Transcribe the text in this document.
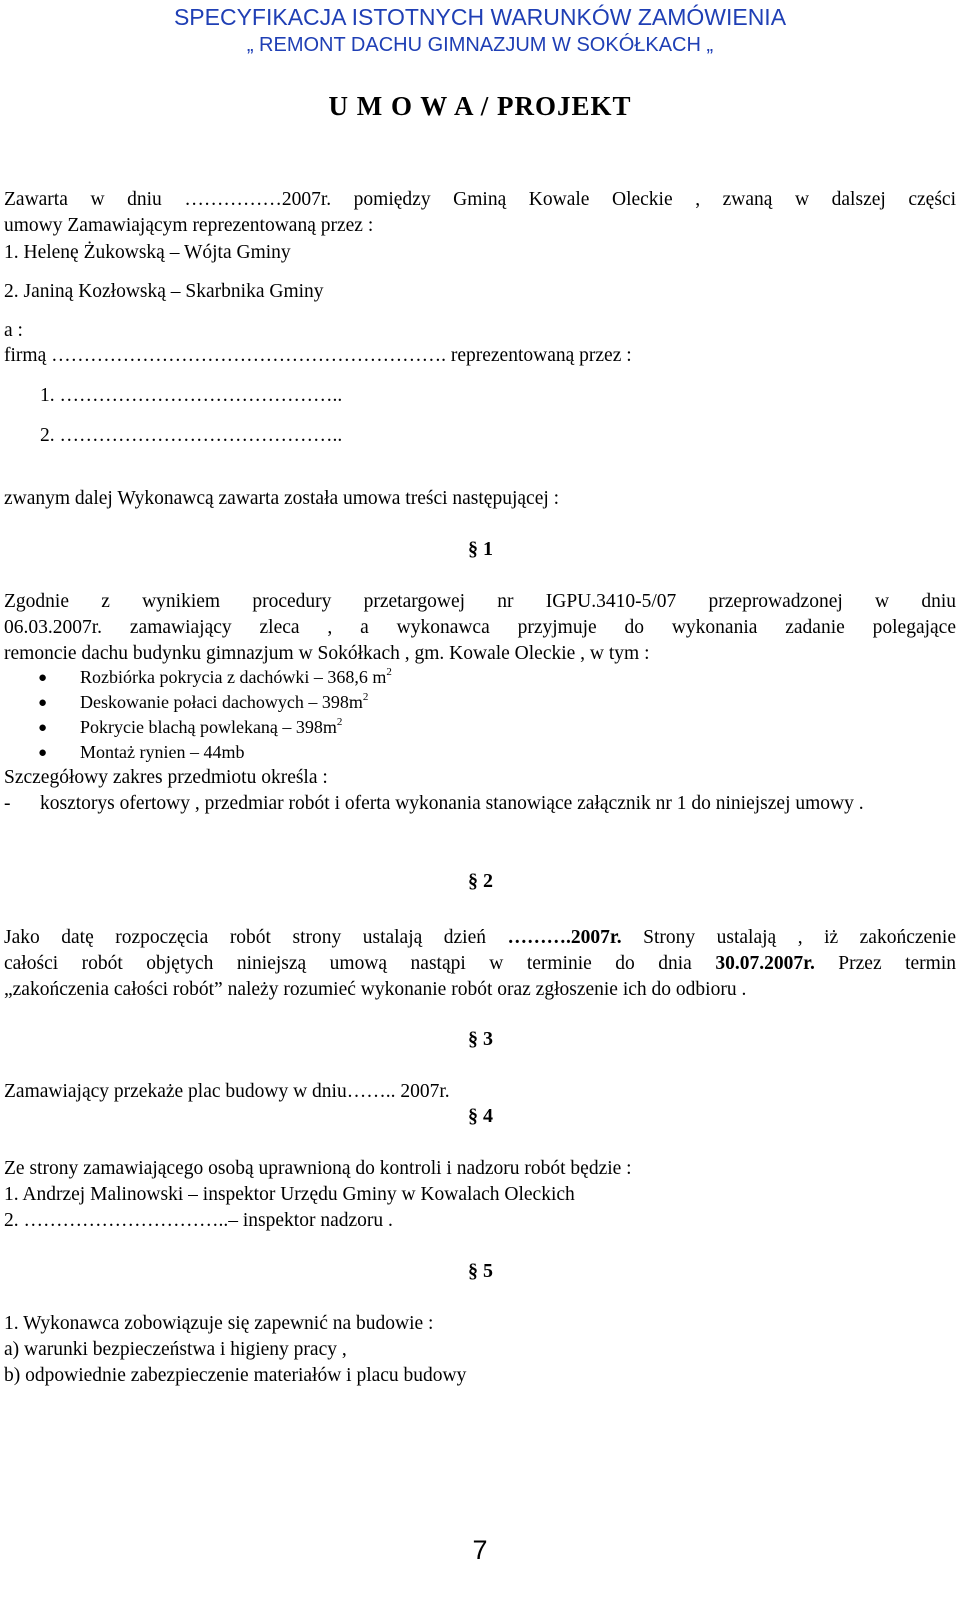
SPECYFIKACJA ISTOTNYCH WARUNKÓW ZAMÓWIENIA
„ REMONT DACHU GIMNAZJUM W SOKÓŁKACH „
U M O W A / PROJEKT
Zawarta w dniu ……………2007r. pomiędzy Gminą Kowale Oleckie , zwaną w dalszej części
umowy Zamawiającym reprezentowaną przez :
1. Helenę Żukowską – Wójta Gminy
2. Janiną Kozłowską – Skarbnika Gminy
a :
firmą ……………………………………………………. reprezentowaną przez :
1. ……………………………………..
2. ……………………………………..
zwanym dalej Wykonawcą zawarta została umowa treści następującej :
§ 1
Zgodnie z wynikiem procedury przetargowej nr IGPU.3410-5/07 przeprowadzonej w dniu
06.03.2007r. zamawiający zleca , a wykonawca przyjmuje do wykonania zadanie polegające
remoncie dachu budynku gimnazjum w Sokółkach , gm. Kowale Oleckie , w tym :
● Rozbiórka pokrycia z dachówki – 368,6 $m^2$
● Deskowanie połaci dachowych – $398m^2$
● Pokrycie blachą powlekaną – $398m^2$
● Montaż rynien – 44mb
Szczegółowy zakres przedmiotu określa :
- kosztorys ofertowy , przedmiar robót i oferta wykonania stanowiące załącznik nr 1 do niniejszej umowy .
§ 2
Jako datę rozpoczęcia robót strony ustalają dzień ……….2007r. Strony ustalają , iż zakończenie
całości robót objętych niniejszą umową nastąpi w terminie do dnia 30.07.2007r. Przez termin
„zakończenia całości robót” należy rozumieć wykonanie robót oraz zgłoszenie ich do odbioru .
§ 3
Zamawiający przekaże plac budowy w dniu…….. 2007r.
§ 4
Ze strony zamawiającego osobą uprawnioną do kontroli i nadzoru robót będzie :
1. Andrzej Malinowski – inspektor Urzędu Gminy w Kowalach Oleckich
2. …………………………..– inspektor nadzoru .
§ 5
1. Wykonawca zobowiązuje się zapewnić na budowie :
a) warunki bezpieczeństwa i higieny pracy ,
b) odpowiednie zabezpieczenie materiałów i placu budowy
7
